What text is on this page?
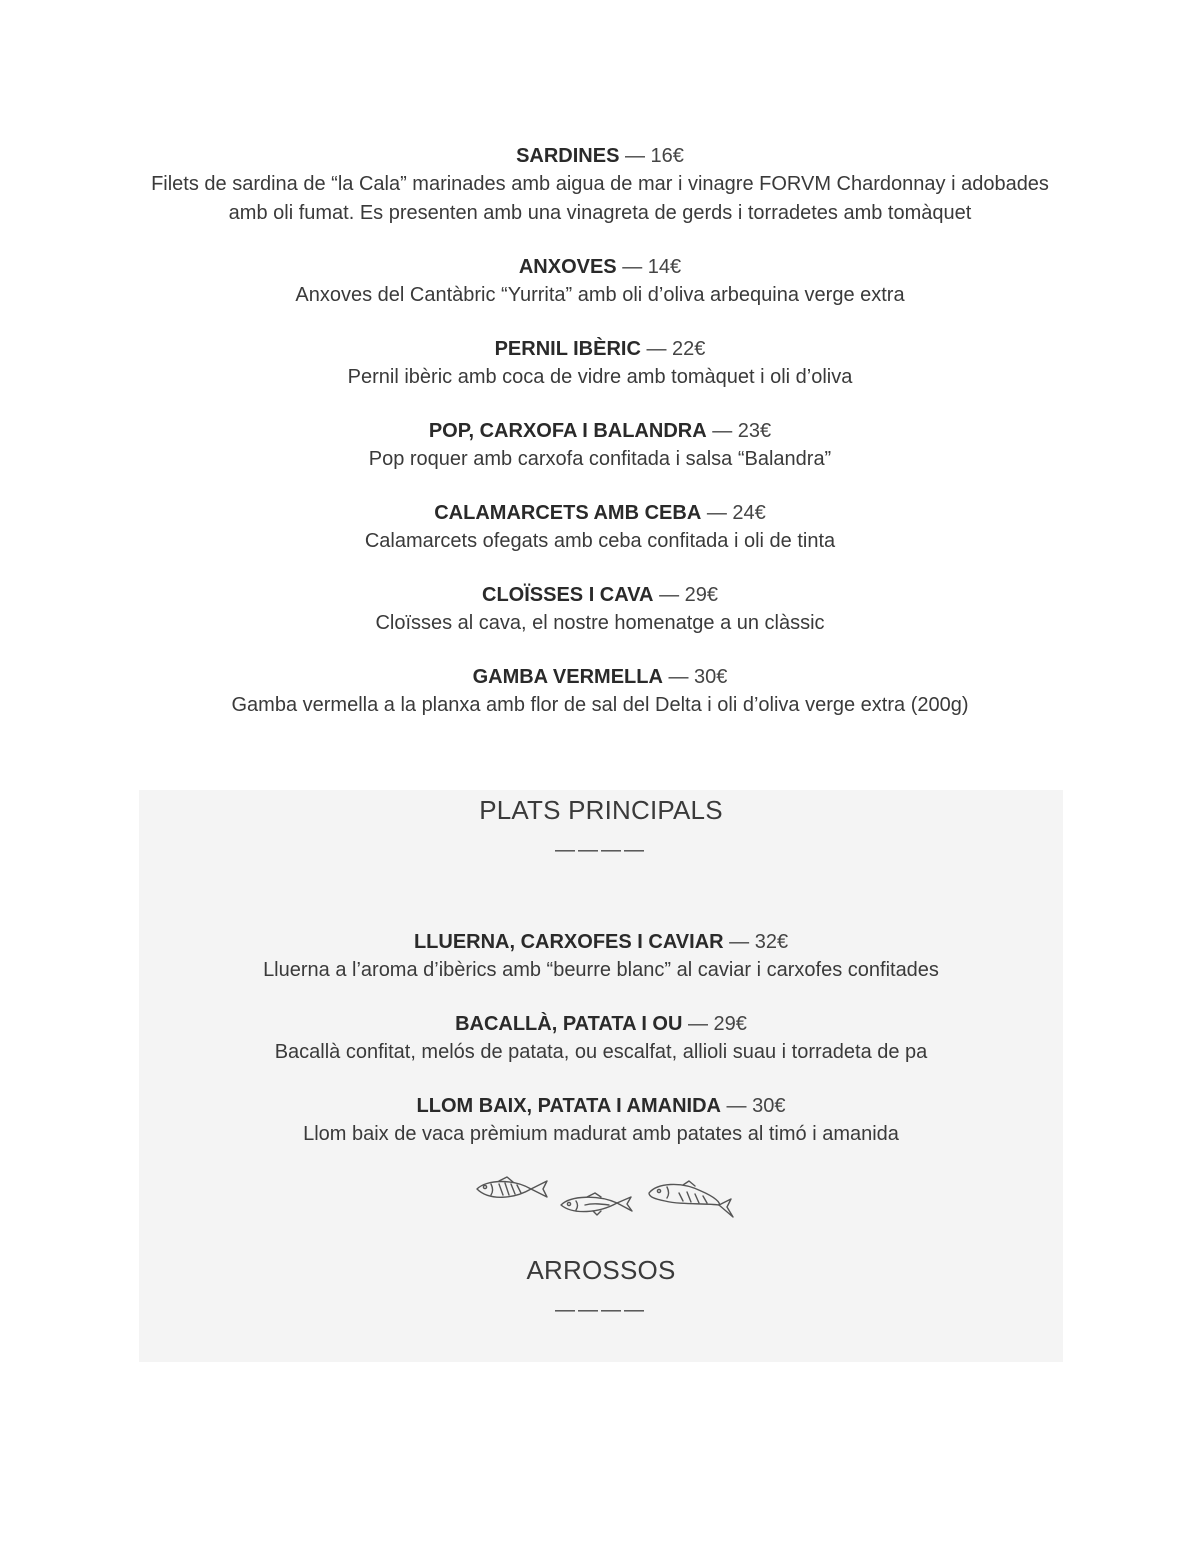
SARDINES — 16€
Filets de sardina de “la Cala” marinades amb aigua de mar i vinagre FORVM Chardonnay i adobades amb oli fumat. Es presenten amb una vinagreta de gerds i torradetes amb tomàquet
ANXOVES — 14€
Anxoves del Cantàbric “Yurrita” amb oli d’oliva arbequina verge extra
PERNIL IBÈRIC — 22€
Pernil ibèric amb coca de vidre amb tomàquet i oli d’oliva
POP, CARXOFA I BALANDRA — 23€
Pop roquer amb carxofa confitada i salsa “Balandra”
CALAMARCETS AMB CEBA — 24€
Calamarcets ofegats amb ceba confitada i oli de tinta
CLOÏSSES I CAVA — 29€
Cloïsses al cava, el nostre homenatge a un clàssic
GAMBA VERMELLA — 30€
Gamba vermella a la planxa amb flor de sal del Delta i oli d’oliva verge extra (200g)
PLATS PRINCIPALS
————
LLUERNA, CARXOFES I CAVIAR — 32€
Lluerna a l’aroma d’ibèrics amb “beurre blanc” al caviar i carxofes confitades
BACALLÀ, PATATA I OU — 29€
Bacallà confitat, melós de patata, ou escalfat, allioli suau i torradeta de pa
LLOM BAIX, PATATA I AMANIDA — 30€
Llom baix de vaca prèmium madurat amb patates al timó i amanida
ARROSSOS
————
